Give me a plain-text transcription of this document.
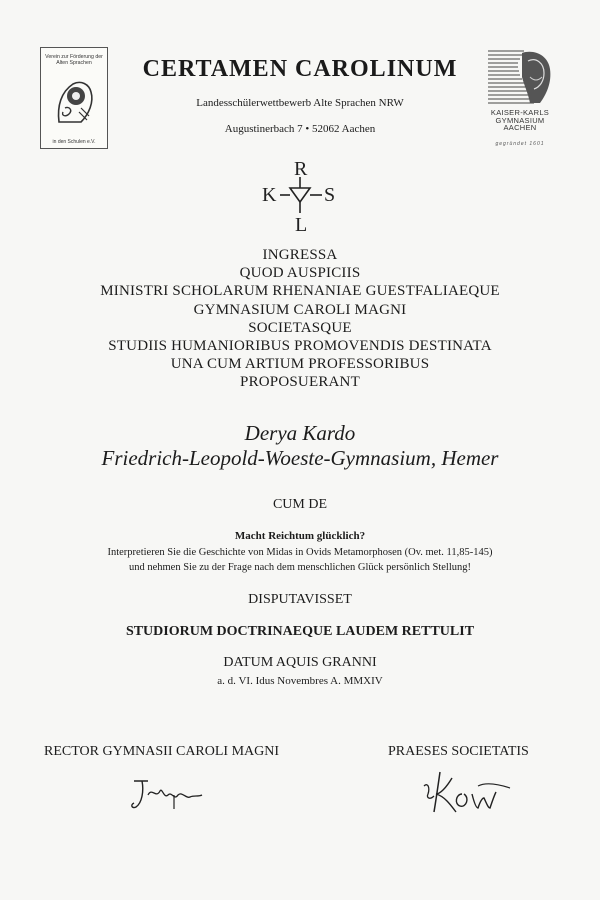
Verein zur Förderung der Alten Sprachen
in den Schulen e.V.
CERTAMEN CAROLINUM
Landesschülerwettbewerb Alte Sprachen NRW
Augustinerbach 7 • 52062 Aachen
KAISER-KARLS
GYMNASIUM
AACHEN
gegründet 1601
R
K S
L
INGRESSA
QUOD AUSPICIIS
MINISTRI SCHOLARUM RHENANIAE GUESTFALIAEQUE
GYMNASIUM CAROLI MAGNI
SOCIETASQUE
STUDIIS HUMANIORIBUS PROMOVENDIS DESTINATA
UNA CUM ARTIUM PROFESSORIBUS
PROPOSUERANT
Derya Kardo
Friedrich-Leopold-Woeste-Gymnasium, Hemer
CUM DE
Macht Reichtum glücklich?
Interpretieren Sie die Geschichte von Midas in Ovids Metamorphosen (Ov. met. 11,85-145)
und nehmen Sie zu der Frage nach dem menschlichen Glück persönlich Stellung!
DISPUTAVISSET
STUDIORUM DOCTRINAEQUE LAUDEM RETTULIT
DATUM AQUIS GRANNI
a. d. VI. Idus Novembres A. MMXIV
RECTOR GYMNASII CAROLI MAGNI	PRAESES SOCIETATIS
